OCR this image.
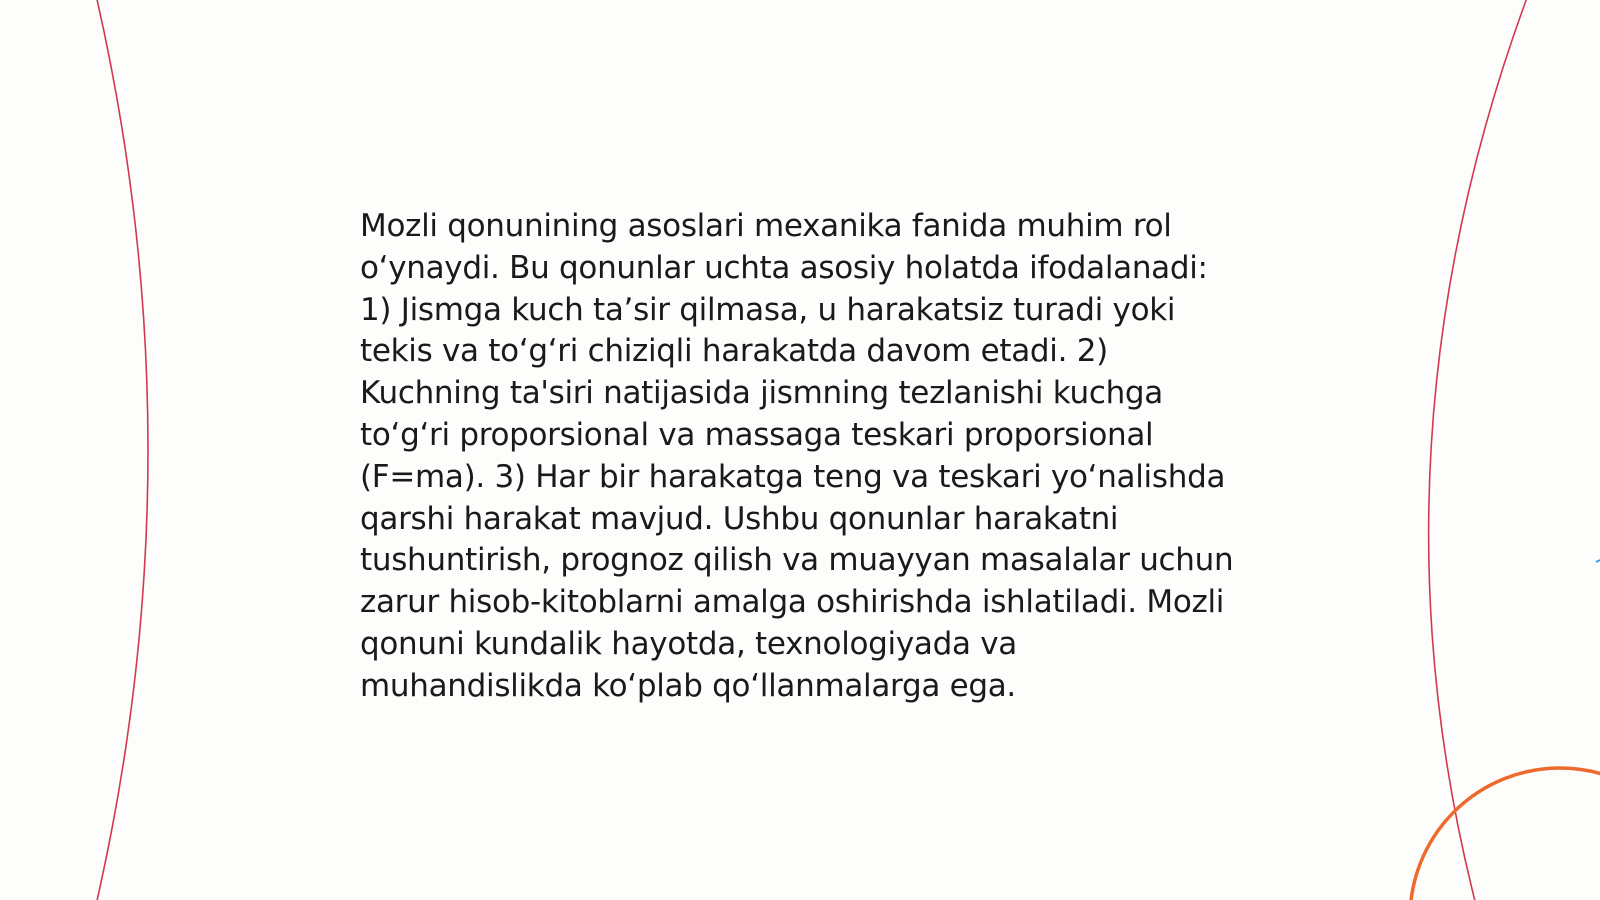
Mozli qonunining asoslari mexanika fanida muhim rol o‘ynaydi. Bu qonunlar uchta asosiy holatda ifodalanadi: 1) Jismga kuch ta’sir qilmasa, u harakatsiz turadi yoki tekis va to‘g‘ri chiziqli harakatda davom etadi. 2) Kuchning ta'siri natijasida jismning tezlanishi kuchga to‘g‘ri proporsional va massaga teskari proporsional (F=ma). 3) Har bir harakatga teng va teskari yo‘nalishda qarshi harakat mavjud. Ushbu qonunlar harakatni tushuntirish, prognoz qilish va muayyan masalalar uchun zarur hisob-kitoblarni amalga oshirishda ishlatiladi. Mozli qonuni kundalik hayotda, texnologiyada va muhandislikda ko‘plab qo‘llanmalarga ega.
